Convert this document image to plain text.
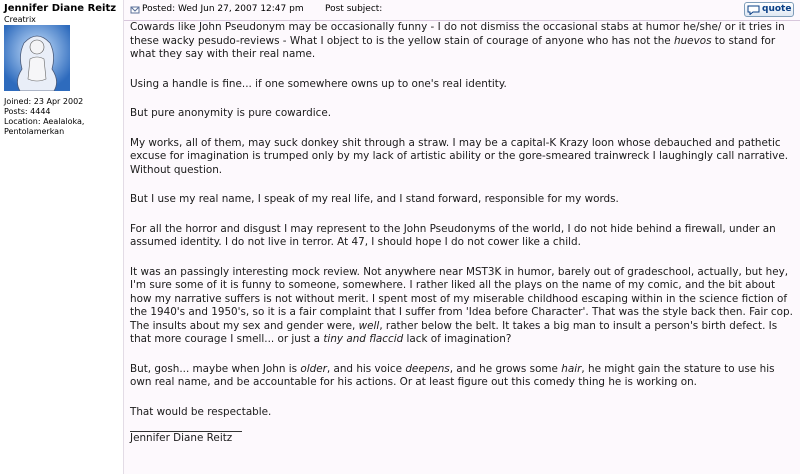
Jennifer Diane Reitz
Creatrix
Joined: 23 Apr 2002
Posts: 4444
Location: Aealaloka,
Pentolamerkan
Posted: Wed Jun 27, 2007 12:47 pm Post subject:	quote

Cowards like John Pseudonym may be occasionally funny - I do not dismiss the occasional stabs at humor he/she/ or it tries in these wacky pesudo-reviews - What I object to is the yellow stain of courage of anyone who has not the huevos to stand for what they say with their real name.

Using a handle is fine... if one somewhere owns up to one's real identity.

But pure anonymity is pure cowardice.

My works, all of them, may suck donkey shit through a straw. I may be a capital-K Krazy loon whose debauched and pathetic excuse for imagination is trumped only by my lack of artistic ability or the gore-smeared trainwreck I laughingly call narrative. Without question.

But I use my real name, I speak of my real life, and I stand forward, responsible for my words.

For all the horror and disgust I may represent to the John Pseudonyms of the world, I do not hide behind a firewall, under an assumed identity. I do not live in terror. At 47, I should hope I do not cower like a child.

It was an passingly interesting mock review. Not anywhere near MST3K in humor, barely out of gradeschool, actually, but hey, I'm sure some of it is funny to someone, somewhere. I rather liked all the plays on the name of my comic, and the bit about how my narrative suffers is not without merit. I spent most of my miserable childhood escaping within in the science fiction of the 1940's and 1950's, so it is a fair complaint that I suffer from 'Idea before Character'. That was the style back then. Fair cop. The insults about my sex and gender were, well, rather below the belt. It takes a big man to insult a person's birth defect. Is that more courage I smell... or just a tiny and flaccid lack of imagination?

But, gosh... maybe when John is older, and his voice deepens, and he grows some hair, he might gain the stature to use his own real name, and be accountable for his actions. Or at least figure out this comedy thing he is working on.

That would be respectable.

Jennifer Diane Reitz
